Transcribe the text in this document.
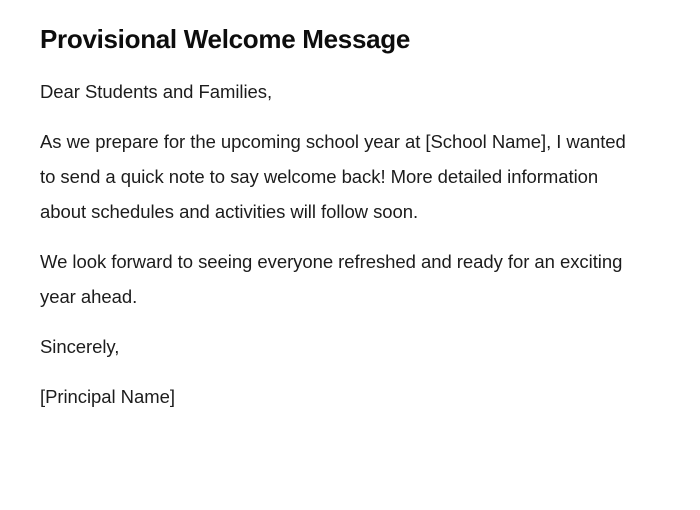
Provisional Welcome Message

Dear Students and Families,

As we prepare for the upcoming school year at [School Name], I wanted to send a quick note to say welcome back! More detailed information about schedules and activities will follow soon.

We look forward to seeing everyone refreshed and ready for an exciting year ahead.

Sincerely,

[Principal Name]
